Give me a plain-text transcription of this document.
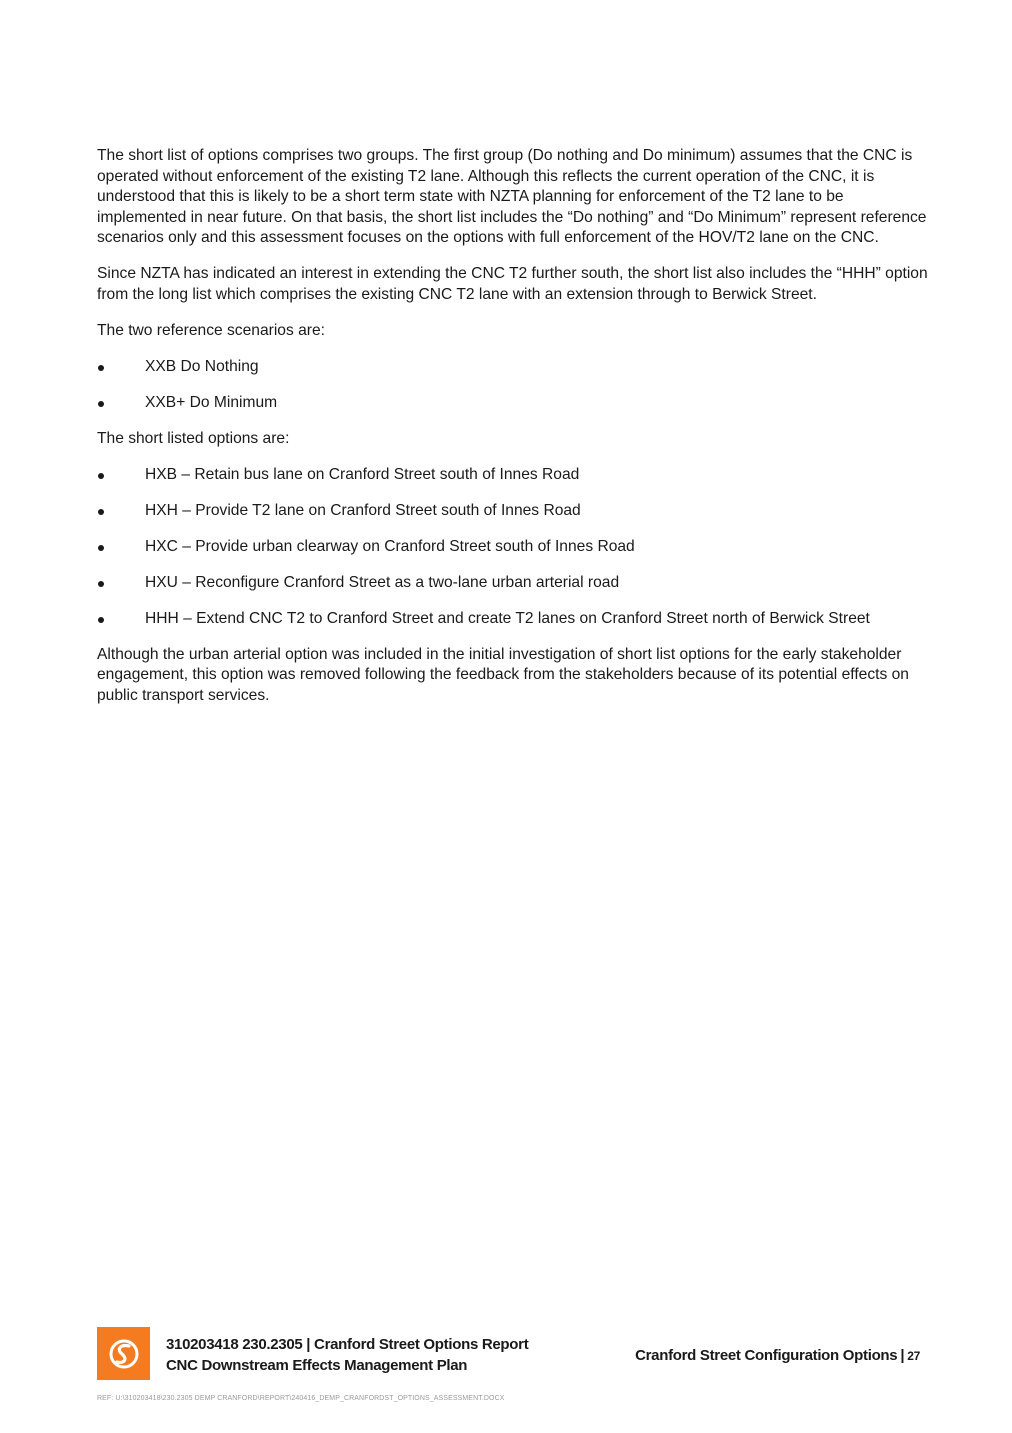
The short list of options comprises two groups. The first group (Do nothing and Do minimum) assumes that the CNC is operated without enforcement of the existing T2 lane. Although this reflects the current operation of the CNC, it is understood that this is likely to be a short term state with NZTA planning for enforcement of the T2 lane to be implemented in near future. On that basis, the short list includes the “Do nothing” and “Do Minimum” represent reference scenarios only and this assessment focuses on the options with full enforcement of the HOV/T2 lane on the CNC.

Since NZTA has indicated an interest in extending the CNC T2 further south, the short list also includes the “HHH” option from the long list which comprises the existing CNC T2 lane with an extension through to Berwick Street.

The two reference scenarios are:

XXB Do Nothing
XXB+ Do Minimum

The short listed options are:

HXB – Retain bus lane on Cranford Street south of Innes Road
HXH – Provide T2 lane on Cranford Street south of Innes Road
HXC – Provide urban clearway on Cranford Street south of Innes Road
HXU – Reconfigure Cranford Street as a two-lane urban arterial road
HHH – Extend CNC T2 to Cranford Street and create T2 lanes on Cranford Street north of Berwick Street

Although the urban arterial option was included in the initial investigation of short list options for the early stakeholder engagement, this option was removed following the feedback from the stakeholders because of its potential effects on public transport services.

310203418 230.2305 | Cranford Street Options Report
CNC Downstream Effects Management Plan
Cranford Street Configuration Options | 27
REF: U:\310203418\230.2305 DEMP CRANFORD\REPORT\240416_DEMP_CRANFORDST_OPTIONS_ASSESSMENT.DOCX
